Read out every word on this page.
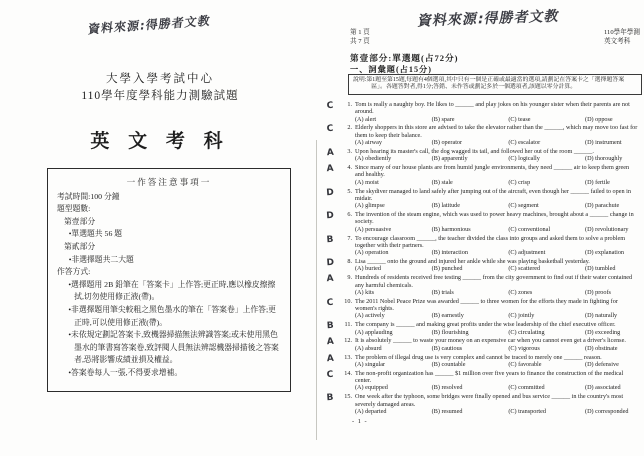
資料來源:得勝者文教
大學入學考試中心
110學年度學科能力測驗試題
英 文 考 科
一作答注意事項一
考試時間:100 分鐘
題型題數:
第壹部分
•單選題共 56 題
第貳部分
•非選擇題共二大題
作答方式:
•選擇題用 2B 鉛筆在「答案卡」上作答;更正時,應以橡皮擦擦拭,切勿使用修正液(帶)。
•非選擇題用筆尖較粗之黑色墨水的筆在「答案卷」上作答;更正時,可以使用修正液(帶)。
•未依規定劃記答案卡,致機器掃描無法辨識答案;或未使用黑色墨水的筆書寫答案卷,致評閱人員無法辨認機器掃描後之答案者,恐將影響成績並損及權益。
•答案卷每人一張,不得要求增補。
資料來源:得勝者文教
第 1 頁
共 7 頁
110學年學測
英文考科
第壹部分:單選題(占72分)
一、詞彙題(占15分)
說明:第1題至第15題,每題有4個選項,其中只有一個是正確或最適當的選項,請劃記在答案卡之「選擇題答案區」。各題答對者,得1分;答錯、未作答或劃記多於一個選項者,該題以零分計算。
C	1. Tom is really a naughty boy. He likes to ______ and play jokes on his younger sister when their parents are not around.
(A) alert	(B) spare	(C) tease	(D) oppose
C	2. Elderly shoppers in this store are advised to take the elevator rather than the ______, which may move too fast for them to keep their balance.
(A) airway	(B) operator	(C) escalator	(D) instrument
A	3. Upon hearing its master's call, the dog wagged its tail, and followed her out of the room ______.
(A) obediently	(B) apparently	(C) logically	(D) thoroughly
A	4. Since many of our house plants are from humid jungle environments, they need ______ air to keep them green and healthy.
(A) moist	(B) stale	(C) crisp	(D) fertile
D	5. The skydiver managed to land safely after jumping out of the aircraft, even though her ______ failed to open in midair.
(A) glimpse	(B) latitude	(C) segment	(D) parachute
D	6. The invention of the steam engine, which was used to power heavy machines, brought about a ______ change in society.
(A) persuasive	(B) harmonious	(C) conventional	(D) revolutionary
B	7. To encourage classroom ______, the teacher divided the class into groups and asked them to solve a problem together with their partners.
(A) operation	(B) interaction	(C) adjustment	(D) explanation
D	8. Lisa ______ onto the ground and injured her ankle while she was playing basketball yesterday.
(A) buried	(B) punched	(C) scattered	(D) tumbled
A	9. Hundreds of residents received free testing ______ from the city government to find out if their water contained any harmful chemicals.
(A) kits	(B) trials	(C) zones	(D) proofs
C	10. The 2011 Nobel Peace Prize was awarded ______ to three women for the efforts they made in fighting for women's rights.
(A) actively	(B) earnestly	(C) jointly	(D) naturally
B	11. The company is ______ and making great profits under the wise leadership of the chief executive officer.
(A) applauding	(B) flourishing	(C) circulating	(D) exceeding
A	12. It is absolutely ______ to waste your money on an expensive car when you cannot even get a driver's license.
(A) absurd	(B) cautious	(C) vigorous	(D) obstinate
A	13. The problem of illegal drug use is very complex and cannot be traced to merely one ______ reason.
(A) singular	(B) countable	(C) favorable	(D) defensive
C	14. The non-profit organization has ______ $1 million over five years to finance the construction of the medical center.
(A) equipped	(B) resolved	(C) committed	(D) associated
B	15. One week after the typhoon, some bridges were finally opened and bus service ______ in the country's most severely damaged areas.
(A) departed	(B) resumed	(C) transported	(D) corresponded
- 1 -
